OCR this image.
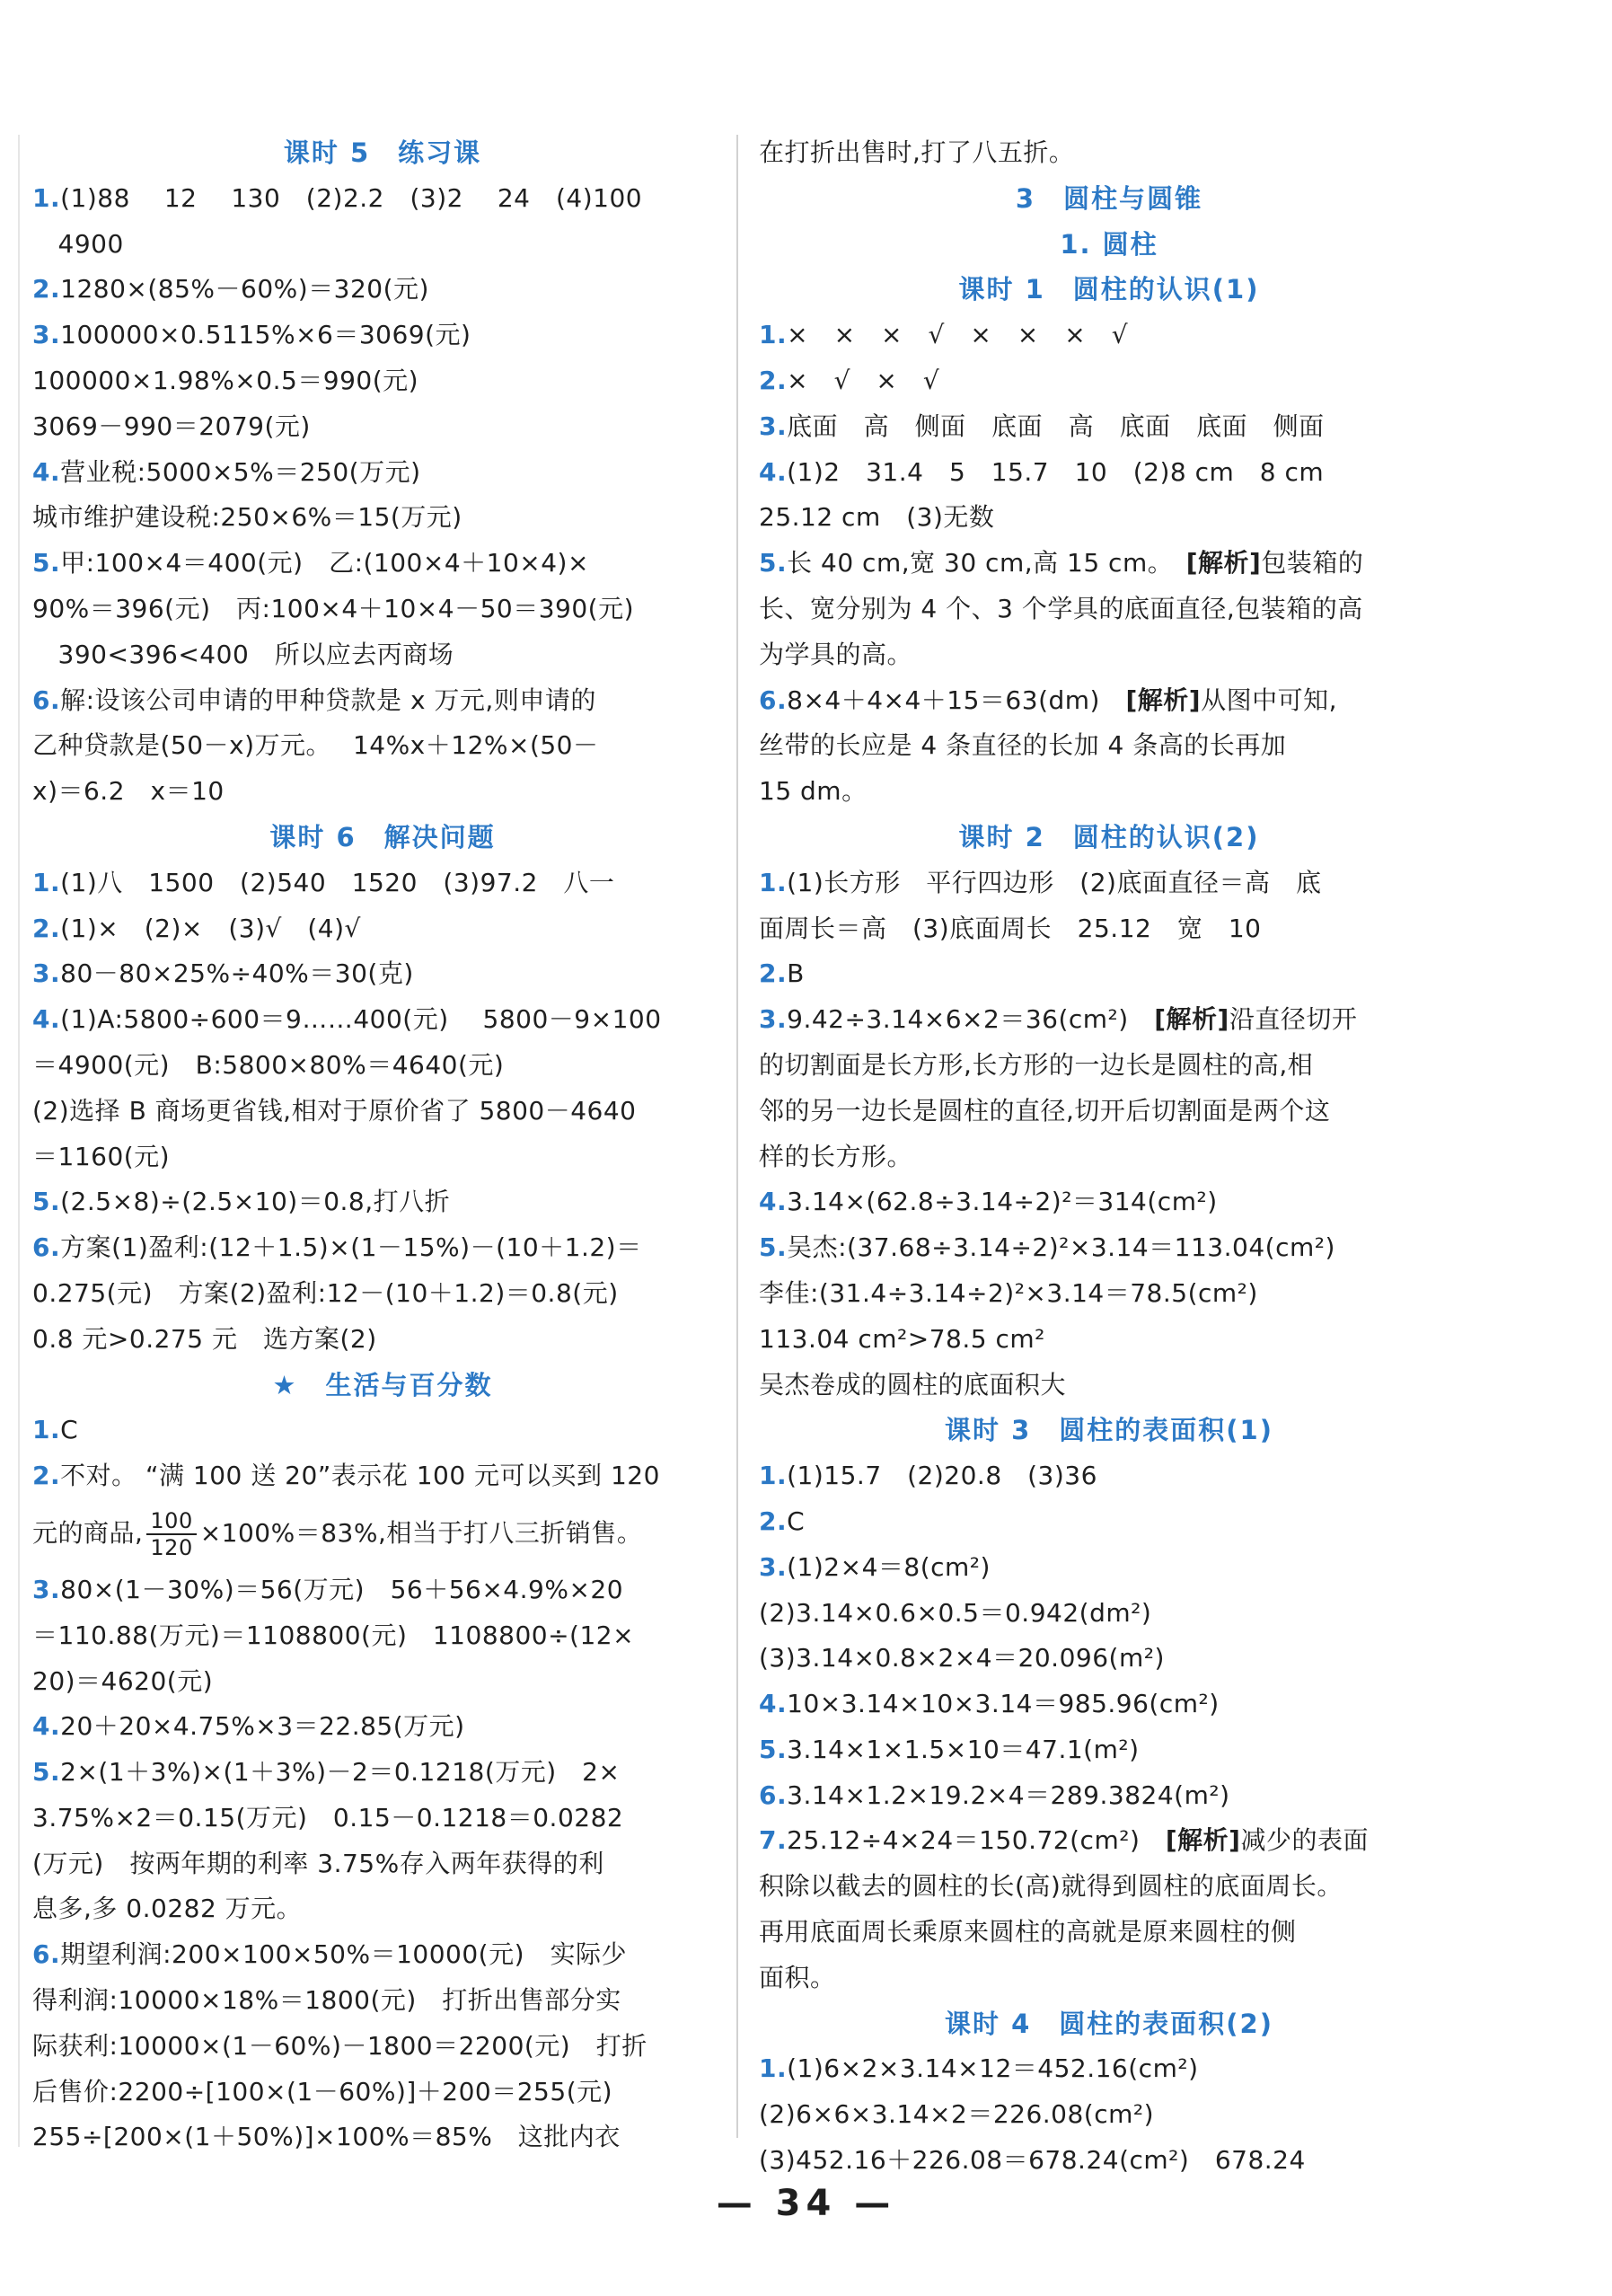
课时 5　练习课
1.(1)88　 12　 130　(2)2.2　(3)2　 24　(4)100
　4900
2.1280×(85%－60%)＝320(元)
3.100000×0.5115%×6＝3069(元)
100000×1.98%×0.5＝990(元)
3069－990＝2079(元)
4.营业税:5000×5%＝250(万元)
城市维护建设税:250×6%＝15(万元)
5.甲:100×4＝400(元)　乙:(100×4＋10×4)×
90%＝396(元)　丙:100×4＋10×4－50＝390(元)
　390<396<400　所以应去丙商场
6.解:设该公司申请的甲种贷款是 x 万元,则申请的
乙种贷款是(50－x)万元。　 14%x＋12%×(50－
x)＝6.2　x＝10
课时 6　解决问题
1.(1)八　1500　(2)540　1520　(3)97.2　八一
2.(1)×　(2)×　(3)√　(4)√
3.80－80×25%÷40%＝30(克)
4.(1)A:5800÷600＝9……400(元)　 5800－9×100
＝4900(元)　B:5800×80%＝4640(元)
(2)选择 B 商场更省钱,相对于原价省了 5800－4640
＝1160(元)
5.(2.5×8)÷(2.5×10)＝0.8,打八折
6.方案(1)盈利:(12＋1.5)×(1－15%)－(10＋1.2)＝
0.275(元)　方案(2)盈利:12－(10＋1.2)＝0.8(元)
0.8 元>0.275 元　选方案(2)
★　生活与百分数
1.C
2.不对。 “满 100 送 20”表示花 100 元可以买到 120
元的商品, $\frac{100}{120} \times 100\%=83\%$,相当于打八三折销售。
3.80×(1－30%)＝56(万元)　56＋56×4.9%×20
＝110.88(万元)＝1108800(元)　1108800÷(12×
20)＝4620(元)
4.20＋20×4.75%×3＝22.85(万元)
5.2×(1＋3%)×(1＋3%)－2＝0.1218(万元)　2×
3.75%×2＝0.15(万元)　0.15－0.1218＝0.0282
(万元)　按两年期的利率 3.75%存入两年获得的利
息多,多 0.0282 万元。
6.期望利润:200×100×50%＝10000(元)　实际少
得利润:10000×18%＝1800(元)　打折出售部分实
际获利:10000×(1－60%)－1800＝2200(元)　打折
后售价:2200÷[100×(1－60%)]＋200＝255(元)
255÷[200×(1＋50%)]×100%＝85%　这批内衣
在打折出售时,打了八五折。
3　圆柱与圆锥
1. 圆柱
课时 1　圆柱的认识(1)
1.×　×　×　√　×　×　×　√
2.×　√　×　√
3.底面　高　侧面　底面　高　底面　底面　侧面
4.(1)2　31.4　5　15.7　10　(2)8 cm　8 cm
25.12 cm　(3)无数
5.长 40 cm,宽 30 cm,高 15 cm。　[解析]包装箱的
长、宽分别为 4 个、3 个学具的底面直径,包装箱的高
为学具的高。
6.8×4＋4×4＋15＝63(dm)　[解析]从图中可知,
丝带的长应是 4 条直径的长加 4 条高的长再加
15 dm。
课时 2　圆柱的认识(2)
1.(1)长方形　平行四边形　(2)底面直径＝高　底
面周长＝高　(3)底面周长　25.12　宽　10
2.B
3.9.42÷3.14×6×2＝36(cm²)　[解析]沿直径切开
的切割面是长方形,长方形的一边长是圆柱的高,相
邻的另一边长是圆柱的直径,切开后切割面是两个这
样的长方形。
4.3.14×(62.8÷3.14÷2)²＝314(cm²)
5.吴杰:(37.68÷3.14÷2)²×3.14＝113.04(cm²)
李佳:(31.4÷3.14÷2)²×3.14＝78.5(cm²)
113.04 cm²>78.5 cm²
吴杰卷成的圆柱的底面积大
课时 3　圆柱的表面积(1)
1.(1)15.7　(2)20.8　(3)36
2.C
3.(1)2×4＝8(cm²)
(2)3.14×0.6×0.5＝0.942(dm²)
(3)3.14×0.8×2×4＝20.096(m²)
4.10×3.14×10×3.14＝985.96(cm²)
5.3.14×1×1.5×10＝47.1(m²)
6.3.14×1.2×19.2×4＝289.3824(m²)
7.25.12÷4×24＝150.72(cm²)　[解析]减少的表面
积除以截去的圆柱的长(高)就得到圆柱的底面周长。
再用底面周长乘原来圆柱的高就是原来圆柱的侧
面积。
课时 4　圆柱的表面积(2)
1.(1)6×2×3.14×12＝452.16(cm²)
(2)6×6×3.14×2＝226.08(cm²)
(3)452.16＋226.08＝678.24(cm²)　678.24
— 34 —
